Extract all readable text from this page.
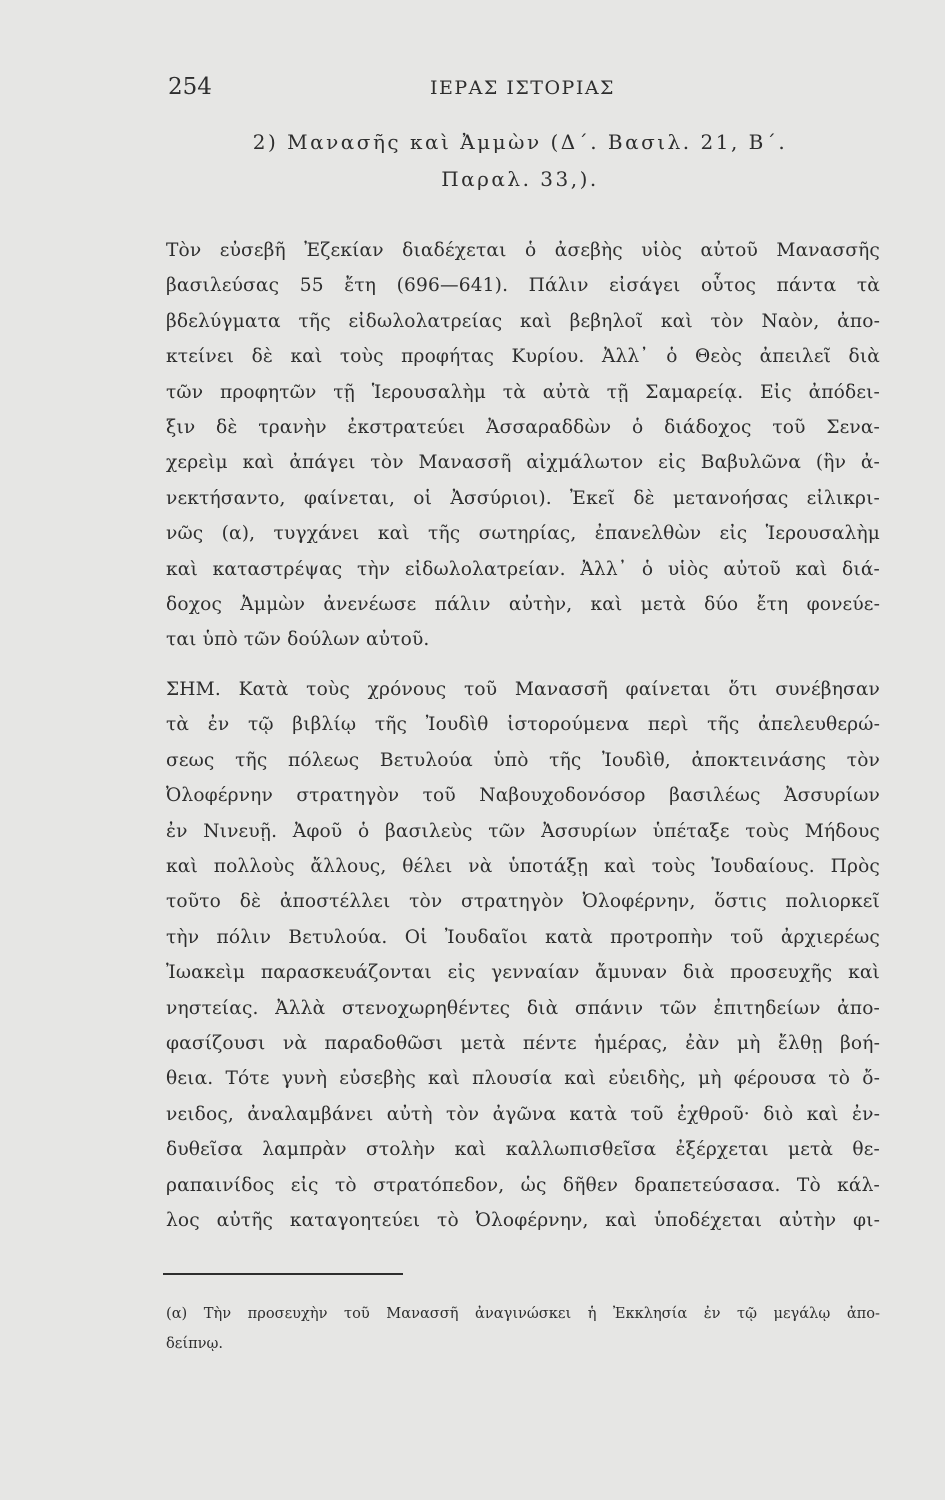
254	ΙΕΡΑΣ ΙΣΤΟΡΙΑΣ
2) Μανασῆς καὶ Ἀμμὼν (Δ΄. Βασιλ. 21, Β΄.
Παραλ. 33,).
Τὸν εὐσεβῆ Ἐζεκίαν διαδέχεται ὁ ἀσεβὴς υἱὸς αὐτοῦ Μανασσῆς
βασιλεύσας 55 ἔτη (696—641). Πάλιν εἰσάγει οὗτος πάντα τὰ
βδελύγματα τῆς εἰδωλολατρείας καὶ βεβηλοῖ καὶ τὸν Ναὸν, ἀπο-
κτείνει δὲ καὶ τοὺς προφήτας Κυρίου. Ἀλλ᾽ ὁ Θεὸς ἀπειλεῖ διὰ
τῶν προφητῶν τῇ Ἱερουσαλὴμ τὰ αὐτὰ τῇ Σαμαρείᾳ. Εἰς ἀπόδει-
ξιν δὲ τρανὴν ἐκστρατεύει Ἀσσαραδδὼν ὁ διάδοχος τοῦ Σενα-
χερεὶμ καὶ ἀπάγει τὸν Μανασσῆ αἰχμάλωτον εἰς Βαβυλῶνα (ἣν ἀ-
νεκτήσαντο, φαίνεται, οἱ Ἀσσύριοι). Ἐκεῖ δὲ μετανοήσας εἰλικρι-
νῶς (α), τυγχάνει καὶ τῆς σωτηρίας, ἐπανελθὼν εἰς Ἱερουσαλὴμ
καὶ καταστρέψας τὴν εἰδωλολατρείαν. Ἀλλ᾽ ὁ υἱὸς αὐτοῦ καὶ διά-
δοχος Ἀμμὼν ἀνενέωσε πάλιν αὐτὴν, καὶ μετὰ δύο ἔτη φονεύε-
ται ὑπὸ τῶν δούλων αὐτοῦ.
ΣΗΜ. Κατὰ τοὺς χρόνους τοῦ Μανασσῆ φαίνεται ὅτι συνέβησαν
τὰ ἐν τῷ βιβλίῳ τῆς Ἰουδὶθ ἱστορούμενα περὶ τῆς ἀπελευθερώ-
σεως τῆς πόλεως Βετυλούα ὑπὸ τῆς Ἰουδὶθ, ἀποκτεινάσης τὸν
Ὀλοφέρνην στρατηγὸν τοῦ Ναβουχοδονόσορ βασιλέως Ἀσσυρίων
ἐν Νινευῇ. Ἀφοῦ ὁ βασιλεὺς τῶν Ἀσσυρίων ὑπέταξε τοὺς Μήδους
καὶ πολλοὺς ἄλλους, θέλει νὰ ὑποτάξῃ καὶ τοὺς Ἰουδαίους. Πρὸς
τοῦτο δὲ ἀποστέλλει τὸν στρατηγὸν Ὀλοφέρνην, ὅστις πολιορκεῖ
τὴν πόλιν Βετυλούα. Οἱ Ἰουδαῖοι κατὰ προτροπὴν τοῦ ἀρχιερέως
Ἰωακεὶμ παρασκευάζονται εἰς γενναίαν ἄμυναν διὰ προσευχῆς καὶ
νηστείας. Ἀλλὰ στενοχωρηθέντες διὰ σπάνιν τῶν ἐπιτηδείων ἀπο-
φασίζουσι νὰ παραδοθῶσι μετὰ πέντε ἡμέρας, ἐὰν μὴ ἔλθῃ βοή-
θεια. Τότε γυνὴ εὐσεβὴς καὶ πλουσία καὶ εὐειδὴς, μὴ φέρουσα τὸ ὄ-
νειδος, ἀναλαμβάνει αὐτὴ τὸν ἀγῶνα κατὰ τοῦ ἐχθροῦ· διὸ καὶ ἐν-
δυθεῖσα λαμπρὰν στολὴν καὶ καλλωπισθεῖσα ἐξέρχεται μετὰ θε-
ραπαινίδος εἰς τὸ στρατόπεδον, ὡς δῆθεν δραπετεύσασα. Τὸ κάλ-
λος αὐτῆς καταγοητεύει τὸ Ὀλοφέρνην, καὶ ὑποδέχεται αὐτὴν φι-
(α) Τὴν προσευχὴν τοῦ Μανασσῆ ἀναγινώσκει ἡ Ἐκκλησία ἐν τῷ μεγάλῳ ἀπο-
δείπνῳ.
